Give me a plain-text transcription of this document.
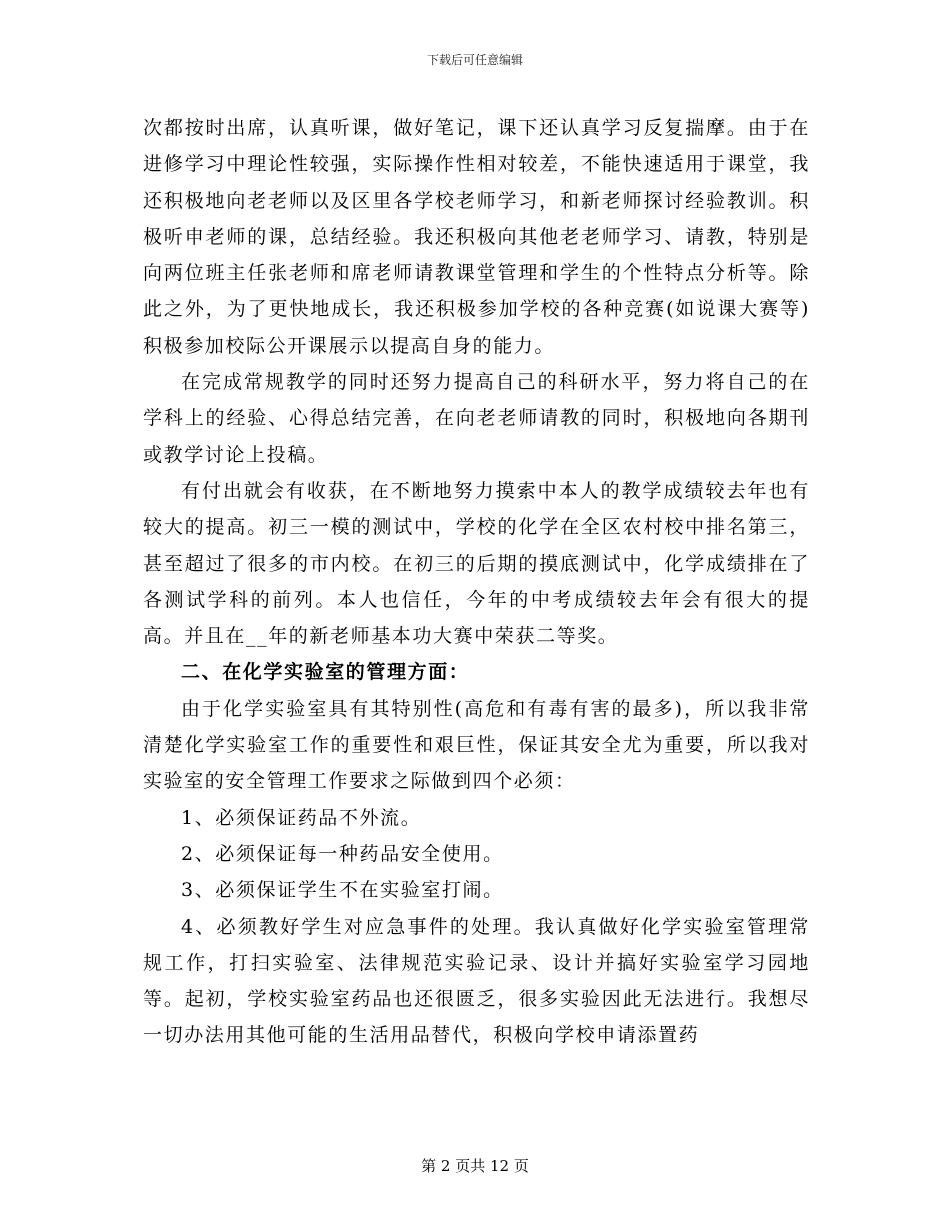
下载后可任意编辑

次都按时出席，认真听课，做好笔记，课下还认真学习反复揣摩。由于在进修学习中理论性较强，实际操作性相对较差，不能快速适用于课堂，我还积极地向老老师以及区里各学校老师学习，和新老师探讨经验教训。积极听申老师的课，总结经验。我还积极向其他老老师学习、请教，特别是向两位班主任张老师和席老师请教课堂管理和学生的个性特点分析等。除此之外，为了更快地成长，我还积极参加学校的各种竞赛(如说课大赛等)积极参加校际公开课展示以提高自身的能力。

在完成常规教学的同时还努力提高自己的科研水平，努力将自己的在学科上的经验、心得总结完善，在向老老师请教的同时，积极地向各期刊或教学讨论上投稿。

有付出就会有收获，在不断地努力摸索中本人的教学成绩较去年也有较大的提高。初三一模的测试中，学校的化学在全区农村校中排名第三，甚至超过了很多的市内校。在初三的后期的摸底测试中，化学成绩排在了各测试学科的前列。本人也信任，今年的中考成绩较去年会有很大的提高。并且在__年的新老师基本功大赛中荣获二等奖。

二、在化学实验室的管理方面：

由于化学实验室具有其特别性(高危和有毒有害的最多)，所以我非常清楚化学实验室工作的重要性和艰巨性，保证其安全尤为重要，所以我对实验室的安全管理工作要求之际做到四个必须：

1、必须保证药品不外流。

2、必须保证每一种药品安全使用。

3、必须保证学生不在实验室打闹。

4、必须教好学生对应急事件的处理。我认真做好化学实验室管理常规工作，打扫实验室、法律规范实验记录、设计并搞好实验室学习园地等。起初，学校实验室药品也还很匮乏，很多实验因此无法进行。我想尽一切办法用其他可能的生活用品替代，积极向学校申请添置药

第 2 页共 12 页
